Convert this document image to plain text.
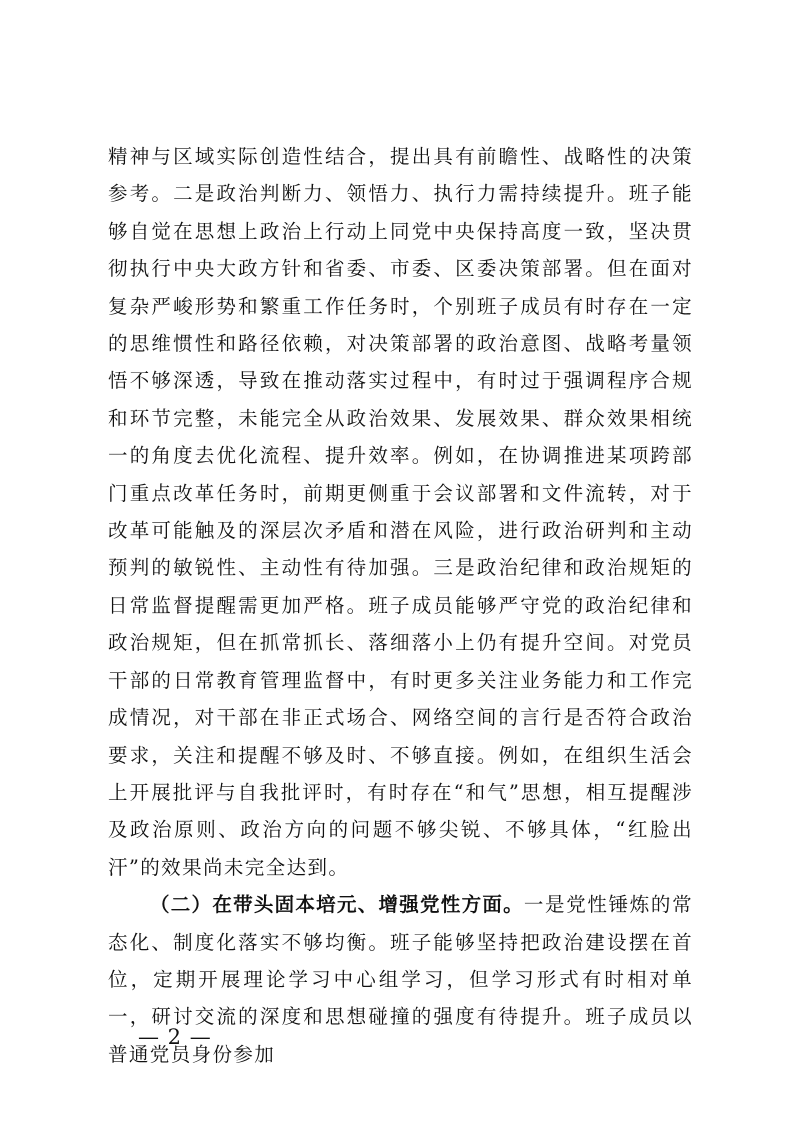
精神与区域实际创造性结合，提出具有前瞻性、战略性的决策参考。二是政治判断力、领悟力、执行力需持续提升。班子能够自觉在思想上政治上行动上同党中央保持高度一致，坚决贯彻执行中央大政方针和省委、市委、区委决策部署。但在面对复杂严峻形势和繁重工作任务时，个别班子成员有时存在一定的思维惯性和路径依赖，对决策部署的政治意图、战略考量领悟不够深透，导致在推动落实过程中，有时过于强调程序合规和环节完整，未能完全从政治效果、发展效果、群众效果相统一的角度去优化流程、提升效率。例如，在协调推进某项跨部门重点改革任务时，前期更侧重于会议部署和文件流转，对于改革可能触及的深层次矛盾和潜在风险，进行政治研判和主动预判的敏锐性、主动性有待加强。三是政治纪律和政治规矩的日常监督提醒需更加严格。班子成员能够严守党的政治纪律和政治规矩，但在抓常抓长、落细落小上仍有提升空间。对党员干部的日常教育管理监督中，有时更多关注业务能力和工作完成情况，对干部在非正式场合、网络空间的言行是否符合政治要求，关注和提醒不够及时、不够直接。例如，在组织生活会上开展批评与自我批评时，有时存在“和气”思想，相互提醒涉及政治原则、政治方向的问题不够尖锐、不够具体，“红脸出汗”的效果尚未完全达到。

（二）在带头固本培元、增强党性方面。一是党性锤炼的常态化、制度化落实不够均衡。班子能够坚持把政治建设摆在首位，定期开展理论学习中心组学习，但学习形式有时相对单一，研讨交流的深度和思想碰撞的强度有待提升。班子成员以普通党员身份参加

— 2 —
